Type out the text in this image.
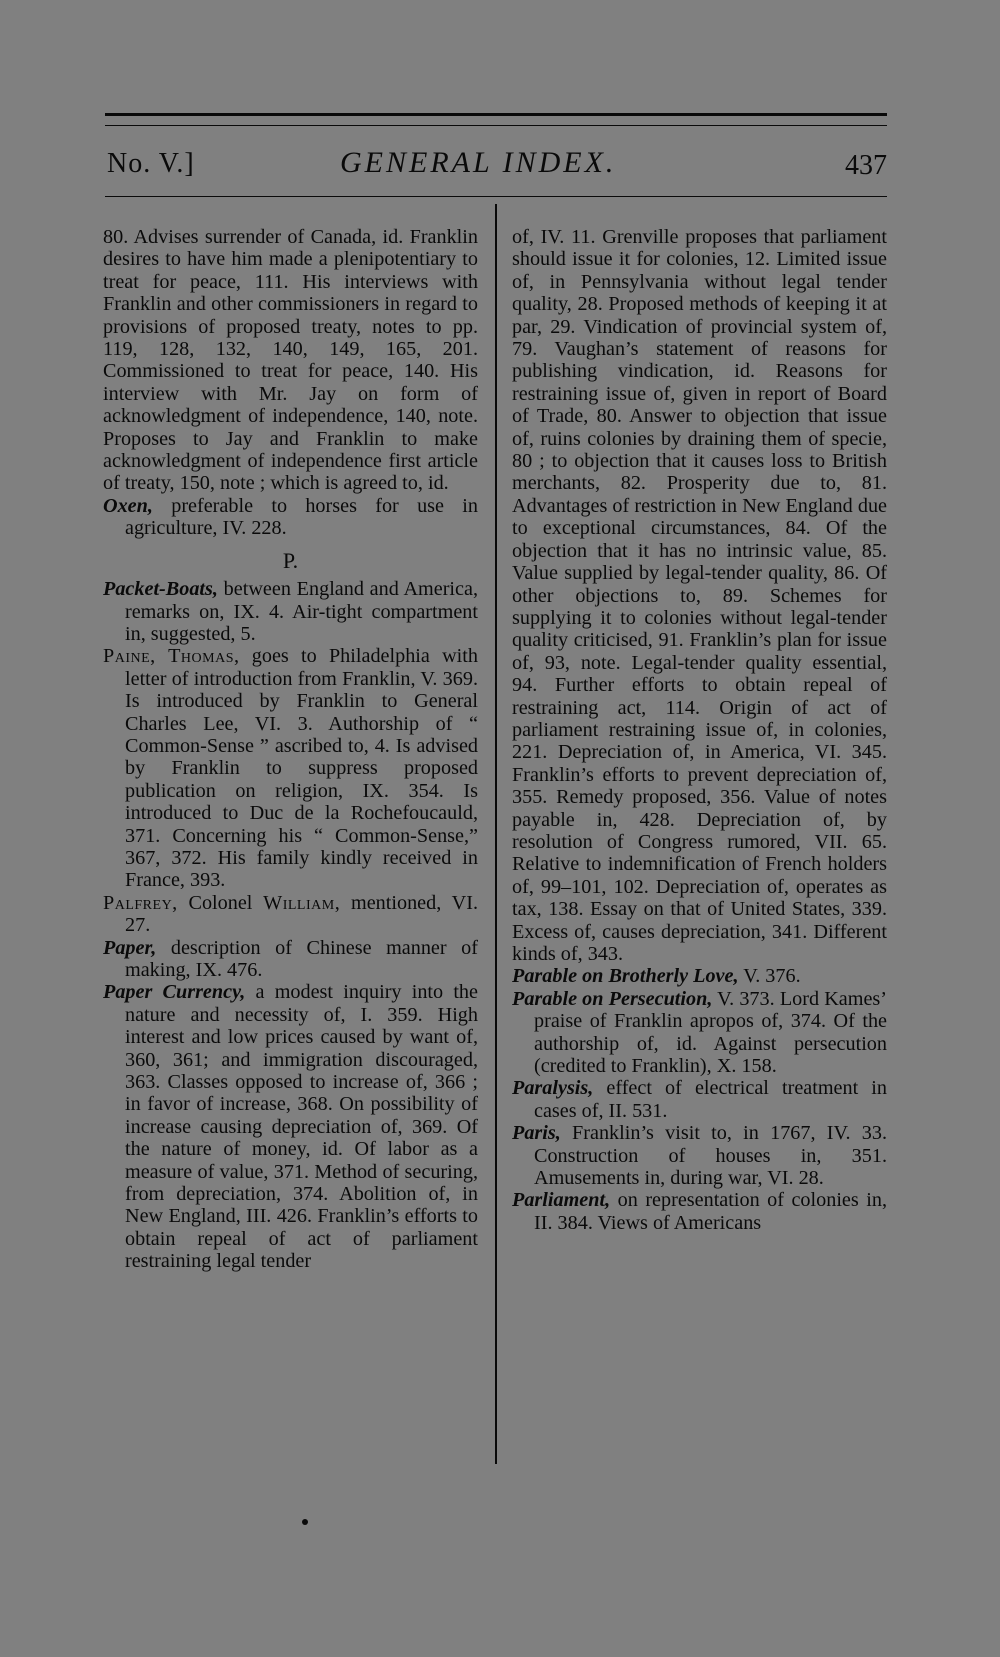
No. V.]	GENERAL INDEX.	437

80. Advises surrender of Canada, id. Franklin desires to have him made a plenipotentiary to treat for peace, 111. His interviews with Franklin and other commissioners in regard to provisions of proposed treaty, notes to pp. 119, 128, 132, 140, 149, 165, 201. Commissioned to treat for peace, 140. His interview with Mr. Jay on form of acknowledgment of independence, 140, note. Proposes to Jay and Franklin to make acknowledgment of independence first article of treaty, 150, note ; which is agreed to, id.

Oxen, preferable to horses for use in agriculture, IV. 228.

P.

Packet-Boats, between England and America, remarks on, IX. 4. Air-tight compartment in, suggested, 5.

Paine, Thomas, goes to Philadelphia with letter of introduction from Franklin, V. 369. Is introduced by Franklin to General Charles Lee, VI. 3. Authorship of “ Common-Sense ” ascribed to, 4. Is advised by Franklin to suppress proposed publication on religion, IX. 354. Is introduced to Duc de la Rochefoucauld, 371. Concerning his “ Common-Sense,” 367, 372. His family kindly received in France, 393.

Palfrey, Colonel William, mentioned, VI. 27.

Paper, description of Chinese manner of making, IX. 476.

Paper Currency, a modest inquiry into the nature and necessity of, I. 359. High interest and low prices caused by want of, 360, 361; and immigration discouraged, 363. Classes opposed to increase of, 366 ; in favor of increase, 368. On possibility of increase causing depreciation of, 369. Of the nature of money, id. Of labor as a measure of value, 371. Method of securing, from depreciation, 374. Abolition of, in New England, III. 426. Franklin’s efforts to obtain repeal of act of parliament restraining legal tender

of, IV. 11. Grenville proposes that parliament should issue it for colonies, 12. Limited issue of, in Pennsylvania without legal tender quality, 28. Proposed methods of keeping it at par, 29. Vindication of provincial system of, 79. Vaughan’s statement of reasons for publishing vindication, id. Reasons for restraining issue of, given in report of Board of Trade, 80. Answer to objection that issue of, ruins colonies by draining them of specie, 80 ; to objection that it causes loss to British merchants, 82. Prosperity due to, 81. Advantages of restriction in New England due to exceptional circumstances, 84. Of the objection that it has no intrinsic value, 85. Value supplied by legal-tender quality, 86. Of other objections to, 89. Schemes for supplying it to colonies without legal-tender quality criticised, 91. Franklin’s plan for issue of, 93, note. Legal-tender quality essential, 94. Further efforts to obtain repeal of restraining act, 114. Origin of act of parliament restraining issue of, in colonies, 221. Depreciation of, in America, VI. 345. Franklin’s efforts to prevent depreciation of, 355. Remedy proposed, 356. Value of notes payable in, 428. Depreciation of, by resolution of Congress rumored, VII. 65. Relative to indemnification of French holders of, 99–101, 102. Depreciation of, operates as tax, 138. Essay on that of United States, 339. Excess of, causes depreciation, 341. Different kinds of, 343.

Parable on Brotherly Love, V. 376.

Parable on Persecution, V. 373. Lord Kames’ praise of Franklin apropos of, 374. Of the authorship of, id. Against persecution (credited to Franklin), X. 158.

Paralysis, effect of electrical treatment in cases of, II. 531.

Paris, Franklin’s visit to, in 1767, IV. 33. Construction of houses in, 351. Amusements in, during war, VI. 28.

Parliament, on representation of colonies in, II. 384. Views of Americans
